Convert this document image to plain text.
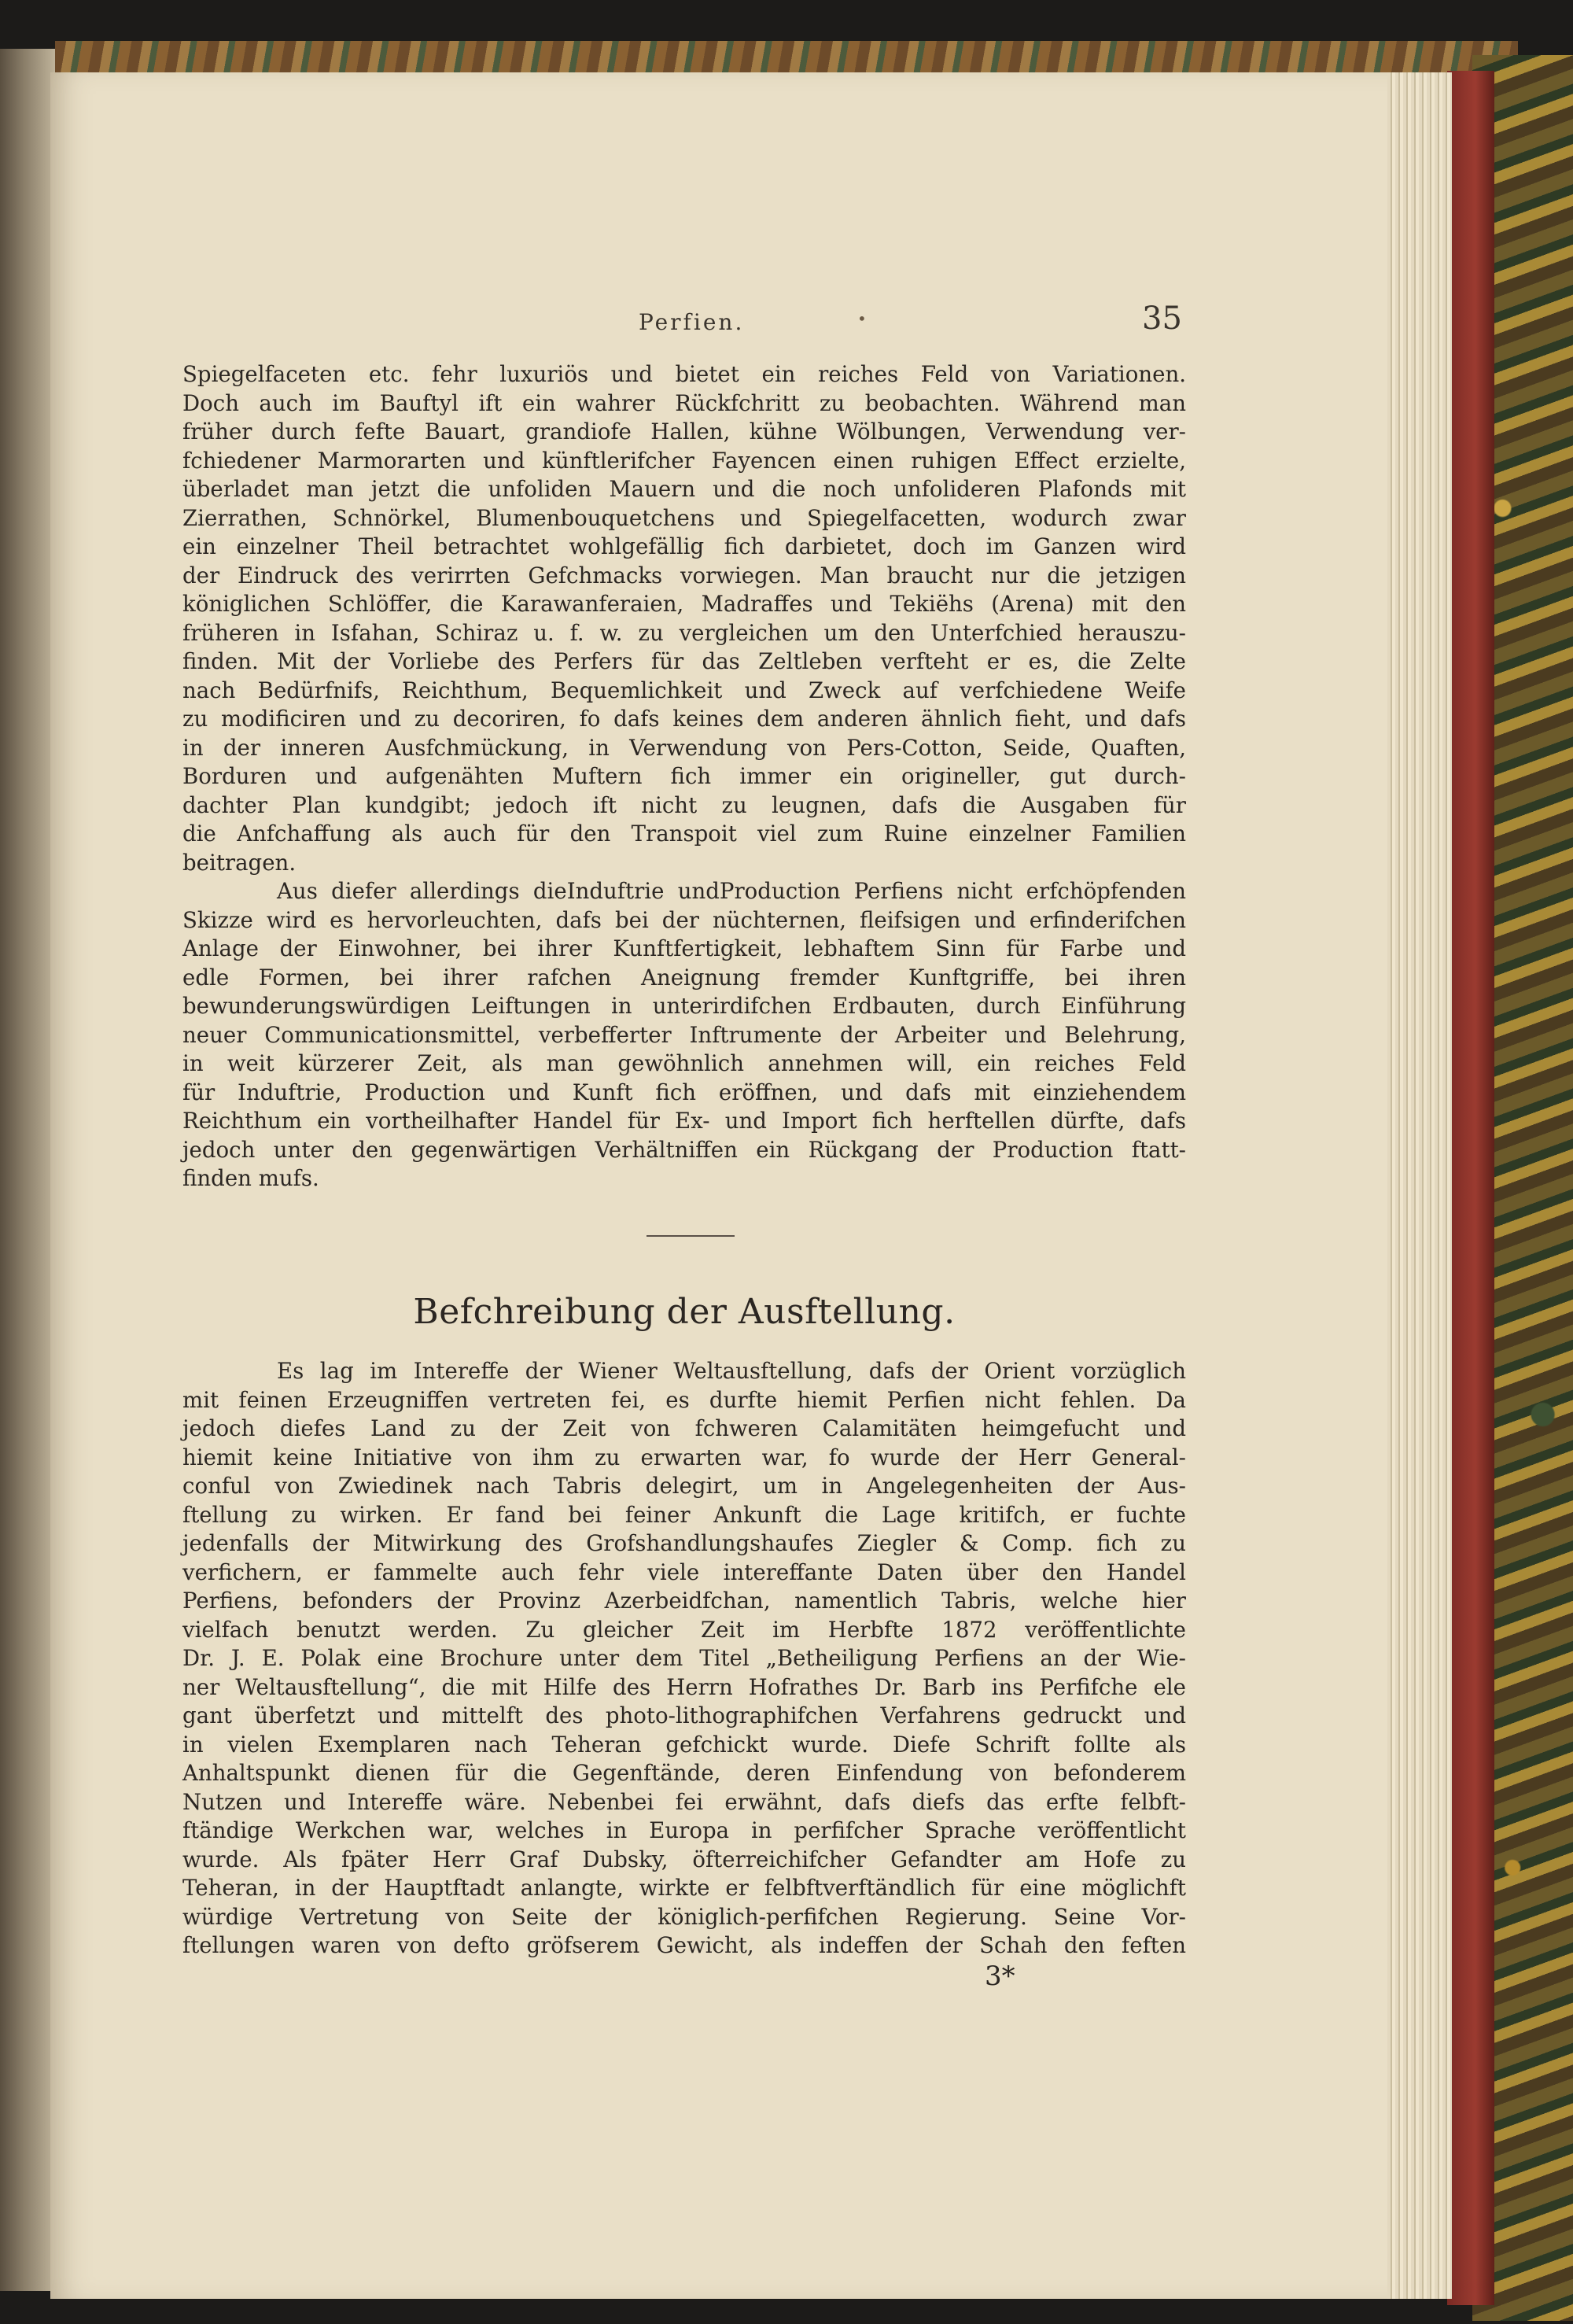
Perfien.	•	35
Spiegelfaceten etc. fehr luxuriös und bietet ein reiches Feld von Variationen.
Doch auch im Bauftyl ift ein wahrer Rückfchritt zu beobachten. Während man
früher durch fefte Bauart, grandiofe Hallen, kühne Wölbungen, Verwendung ver-
fchiedener Marmorarten und künftlerifcher Fayencen einen ruhigen Effect erzielte,
überladet man jetzt die unfoliden Mauern und die noch unfolideren Plafonds mit
Zierrathen, Schnörkel, Blumenbouquetchens und Spiegelfacetten, wodurch zwar
ein einzelner Theil betrachtet wohlgefällig fich darbietet, doch im Ganzen wird
der Eindruck des verirrten Gefchmacks vorwiegen. Man braucht nur die jetzigen
königlichen Schlöffer, die Karawanferaien, Madraffes und Tekiëhs (Arena) mit den
früheren in Isfahan, Schiraz u. f. w. zu vergleichen um den Unterfchied herauszu-
finden. Mit der Vorliebe des Perfers für das Zeltleben verfteht er es, die Zelte
nach Bedürfnifs, Reichthum, Bequemlichkeit und Zweck auf verfchiedene Weife
zu modificiren und zu decoriren, fo dafs keines dem anderen ähnlich fieht, und dafs
in der inneren Ausfchmückung, in Verwendung von Pers-Cotton, Seide, Quaften,
Borduren und aufgenähten Muftern fich immer ein origineller, gut durch-
dachter Plan kundgibt; jedoch ift nicht zu leugnen, dafs die Ausgaben für
die Anfchaffung als auch für den Transpoit viel zum Ruine einzelner Familien
beitragen.
Aus diefer allerdings dieInduftrie undProduction Perfiens nicht erfchöpfenden
Skizze wird es hervorleuchten, dafs bei der nüchternen, fleifsigen und erfinderifchen
Anlage der Einwohner, bei ihrer Kunftfertigkeit, lebhaftem Sinn für Farbe und
edle Formen, bei ihrer rafchen Aneignung fremder Kunftgriffe, bei ihren
bewunderungswürdigen Leiftungen in unterirdifchen Erdbauten, durch Einführung
neuer Communicationsmittel, verbefferter Inftrumente der Arbeiter und Belehrung,
in weit kürzerer Zeit, als man gewöhnlich annehmen will, ein reiches Feld
für Induftrie, Production und Kunft fich eröffnen, und dafs mit einziehendem
Reichthum ein vortheilhafter Handel für Ex- und Import fich herftellen dürfte, dafs
jedoch unter den gegenwärtigen Verhältniffen ein Rückgang der Production ftatt-
finden mufs.
Befchreibung der Ausftellung.
Es lag im Intereffe der Wiener Weltausftellung, dafs der Orient vorzüglich
mit feinen Erzeugniffen vertreten fei, es durfte hiemit Perfien nicht fehlen. Da
jedoch diefes Land zu der Zeit von fchweren Calamitäten heimgefucht und
hiemit keine Initiative von ihm zu erwarten war, fo wurde der Herr General-
conful von Zwiedinek nach Tabris delegirt, um in Angelegenheiten der Aus-
ftellung zu wirken. Er fand bei feiner Ankunft die Lage kritifch, er fuchte
jedenfalls der Mitwirkung des Grofshandlungshaufes Ziegler & Comp. fich zu
verfichern, er fammelte auch fehr viele intereffante Daten über den Handel
Perfiens, befonders der Provinz Azerbeidfchan, namentlich Tabris, welche hier
vielfach benutzt werden. Zu gleicher Zeit im Herbfte 1872 veröffentlichte
Dr. J. E. Polak eine Brochure unter dem Titel „Betheiligung Perfiens an der Wie-
ner Weltausftellung“, die mit Hilfe des Herrn Hofrathes Dr. Barb ins Perfifche ele
gant überfetzt und mittelft des photo-lithographifchen Verfahrens gedruckt und
in vielen Exemplaren nach Teheran gefchickt wurde. Diefe Schrift follte als
Anhaltspunkt dienen für die Gegenftände, deren Einfendung von befonderem
Nutzen und Intereffe wäre. Nebenbei fei erwähnt, dafs diefs das erfte felbft-
ftändige Werkchen war, welches in Europa in perfifcher Sprache veröffentlicht
wurde. Als fpäter Herr Graf Dubsky, öfterreichifcher Gefandter am Hofe zu
Teheran, in der Hauptftadt anlangte, wirkte er felbftverftändlich für eine möglichft
würdige Vertretung von Seite der königlich-perfifchen Regierung. Seine Vor-
ftellungen waren von defto gröfserem Gewicht, als indeffen der Schah den feften
3*
